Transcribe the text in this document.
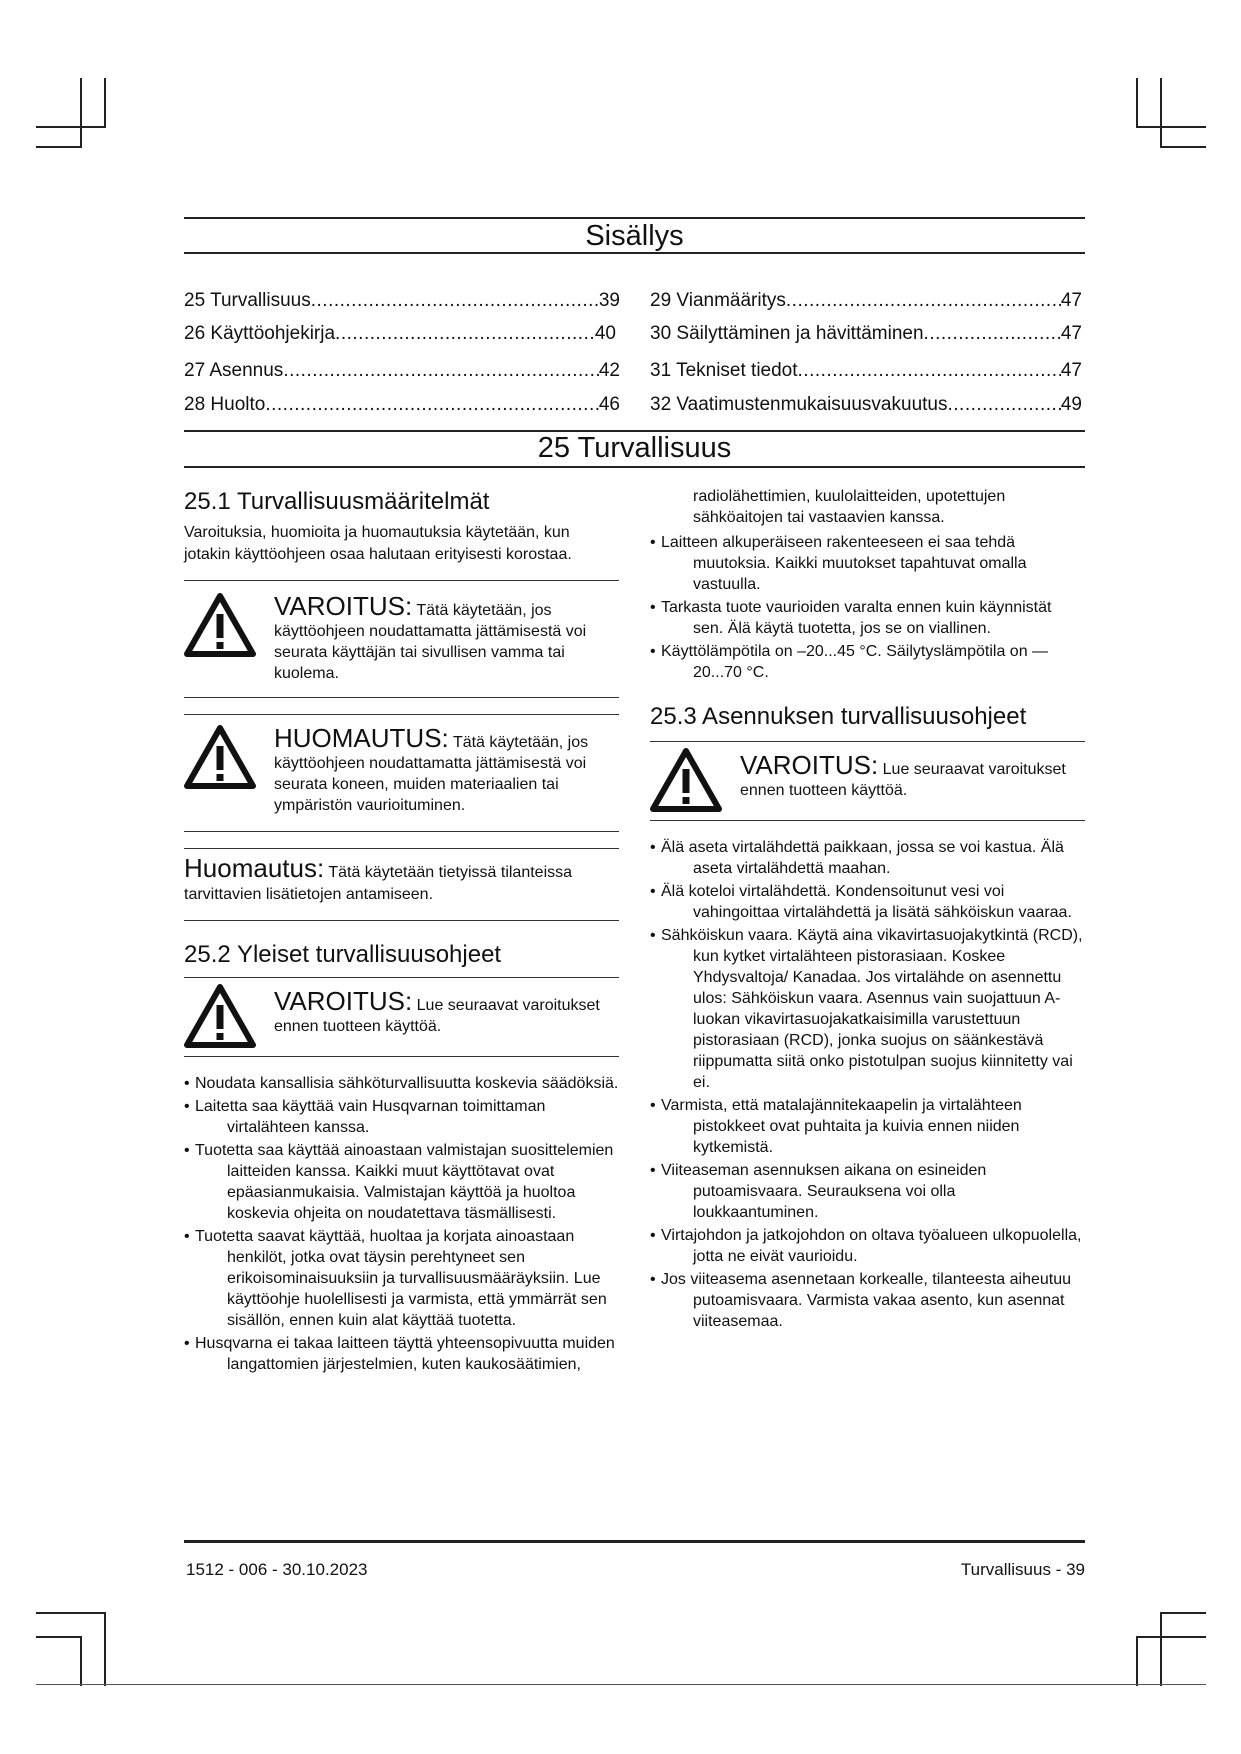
Sisällys
25 Turvallisuus .....	39
26 Käyttöohjekirja .....	40
27 Asennus .....	42
28 Huolto .....	46
29 Vianmääritys .....	47
30 Säilyttäminen ja hävittäminen .....	47
31 Tekniset tiedot .....	47
32 Vaatimustenmukaisuusvakuutus .....	49
25 Turvallisuus
25.1 Turvallisuusmääritelmät

Varoituksia, huomioita ja huomautuksia käytetään, kun jotakin käyttöohjeen osaa halutaan erityisesti korostaa.

VAROITUS: Tätä käytetään, jos käyttöohjeen noudattamatta jättämisestä voi seurata käyttäjän tai sivullisen vamma tai kuolema.

HUOMAUTUS: Tätä käytetään, jos käyttöohjeen noudattamatta jättämisestä voi seurata koneen, muiden materiaalien tai ympäristön vaurioituminen.

Huomautus: Tätä käytetään tietyissä tilanteissa tarvittavien lisätietojen antamiseen.

25.2 Yleiset turvallisuusohjeet

VAROITUS: Lue seuraavat varoitukset ennen tuotteen käyttöä.

• Noudata kansallisia sähköturvallisuutta koskevia säädöksiä.
• Laitetta saa käyttää vain Husqvarnan toimittaman virtalähteen kanssa.
• Tuotetta saa käyttää ainoastaan valmistajan suosittelemien laitteiden kanssa. Kaikki muut käyttötavat ovat epäasianmukaisia. Valmistajan käyttöä ja huoltoa koskevia ohjeita on noudatettava täsmällisesti.
• Tuotetta saavat käyttää, huoltaa ja korjata ainoastaan henkilöt, jotka ovat täysin perehtyneet sen erikoisominaisuuksiin ja turvallisuusmääräyksiin. Lue käyttöohje huolellisesti ja varmista, että ymmärrät sen sisällön, ennen kuin alat käyttää tuotetta.
• Husqvarna ei takaa laitteen täyttä yhteensopivuutta muiden langattomien järjestelmien, kuten kaukosäätimien,

radiolähettimien, kuulolaitteiden, upotettujen sähköaitojen tai vastaavien kanssa.

• Laitteen alkuperäiseen rakenteeseen ei saa tehdä muutoksia. Kaikki muutokset tapahtuvat omalla vastuulla.
• Tarkasta tuote vaurioiden varalta ennen kuin käynnistät sen. Älä käytä tuotetta, jos se on viallinen.
• Käyttölämpötila on –20...45 °C. Säilytyslämpötila on —20...70 °C.
25.3 Asennuksen turvallisuusohjeet

VAROITUS: Lue seuraavat varoitukset ennen tuotteen käyttöä.

• Älä aseta virtalähdettä paikkaan, jossa se voi kastua. Älä aseta virtalähdettä maahan.
• Älä koteloi virtalähdettä. Kondensoitunut vesi voi vahingoittaa virtalähdettä ja lisätä sähköiskun vaaraa.
• Sähköiskun vaara. Käytä aina vikavirtasuojakytkintä (RCD), kun kytket virtalähteen pistorasiaan. Koskee Yhdysvaltoja/ Kanadaa. Jos virtalähde on asennettu ulos: Sähköiskun vaara. Asennus vain suojattuun A-luokan vikavirtasuojakatkaisimilla varustettuun pistorasiaan (RCD), jonka suojus on säänkestävä riippumatta siitä onko pistotulpan suojus kiinnitetty vai ei.
• Varmista, että matalajännitekaapelin ja virtalähteen pistokkeet ovat puhtaita ja kuivia ennen niiden kytkemistä.
• Viiteaseman asennuksen aikana on esineiden putoamisvaara. Seurauksena voi olla loukkaantuminen.
• Virtajohdon ja jatkojohdon on oltava työalueen ulkopuolella, jotta ne eivät vaurioidu.
• Jos viiteasema asennetaan korkealle, tilanteesta aiheutuu putoamisvaara. Varmista vakaa asento, kun asennat viiteasemaa.
1512 - 006 - 30.10.2023	Turvallisuus - 39
